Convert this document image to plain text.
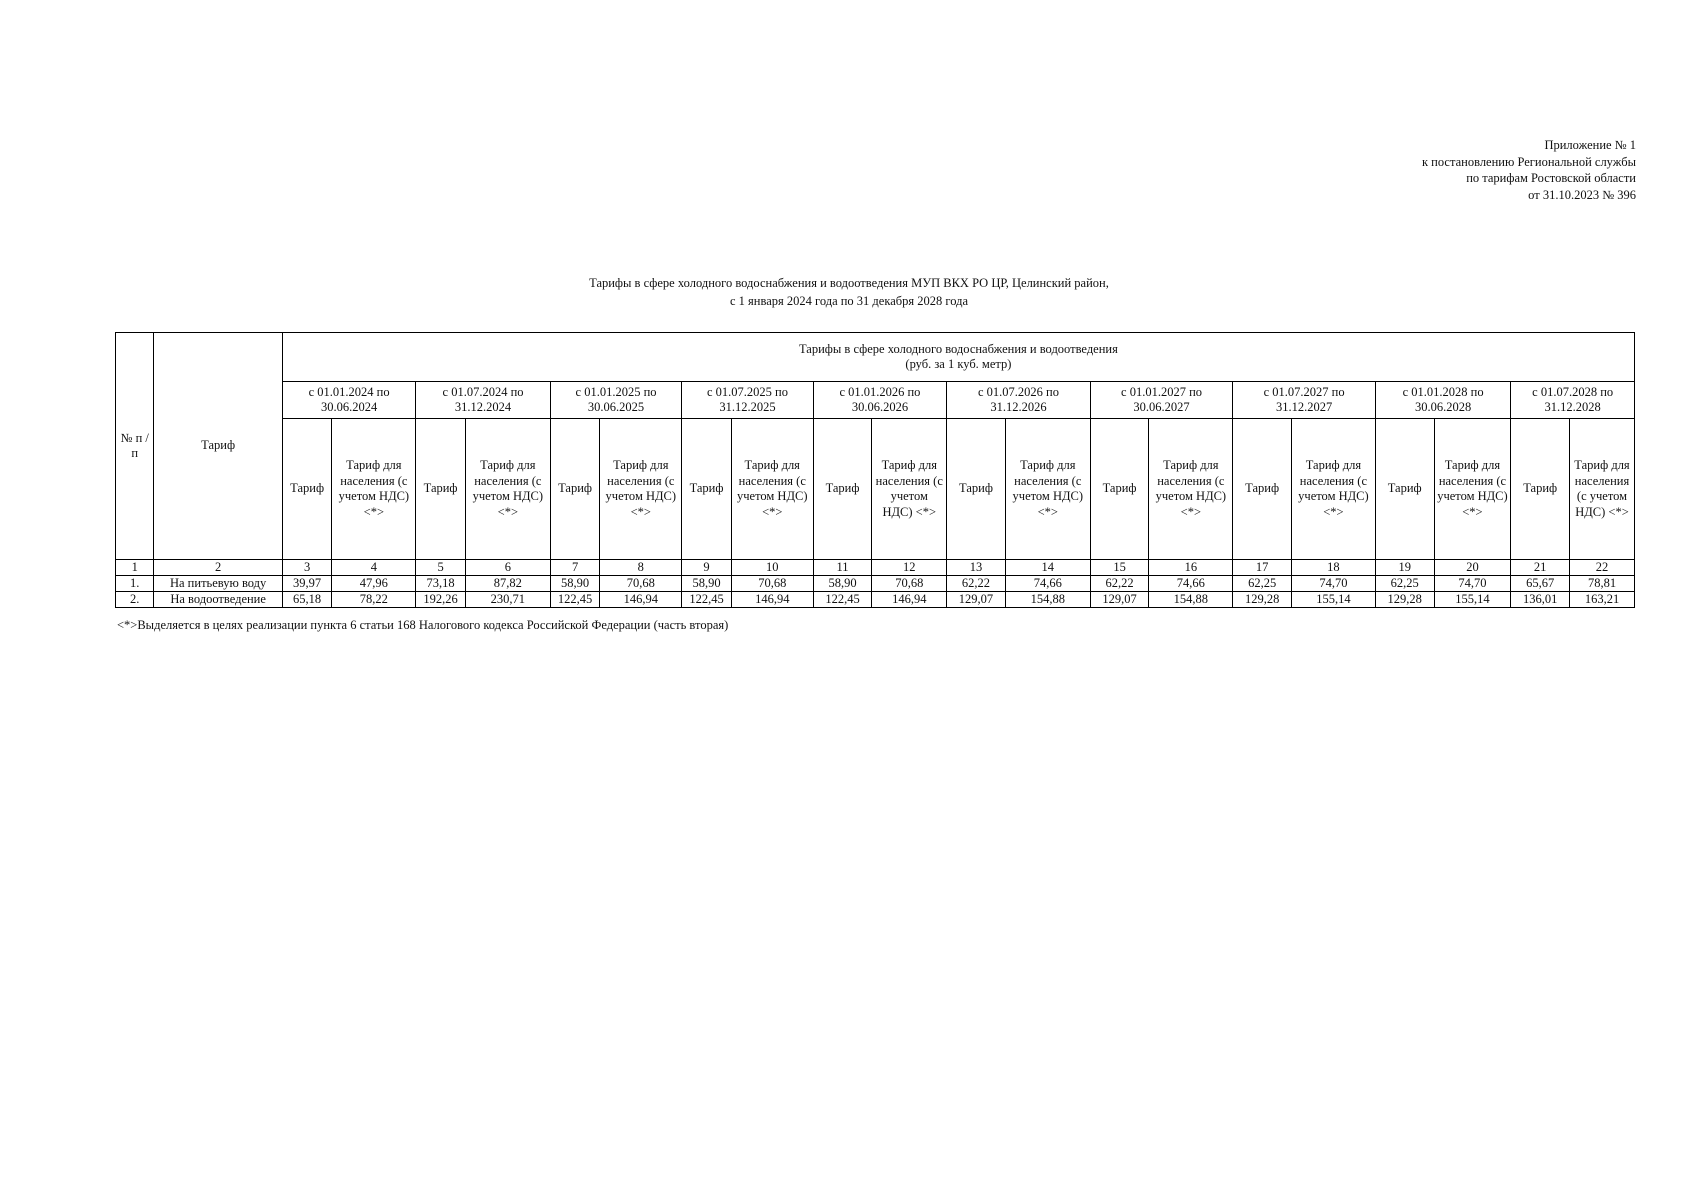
Приложение № 1
к постановлению Региональной службы
по тарифам Ростовской области
от 31.10.2023 № 396
Тарифы в сфере холодного водоснабжения и водоотведения МУП ВКХ РО ЦР, Целинский район,
с 1 января 2024 года по 31 декабря 2028 года
№ п /п	Тариф	Тарифы в сфере холодного водоснабжения и водоотведения
(руб. за 1 куб. метр)																			

		с 01.01.2024 по 30.06.2024		с 01.07.2024 по 31.12.2024		с 01.01.2025 по 30.06.2025		с 01.07.2025 по 31.12.2025		с 01.01.2026 по 30.06.2026		с 01.07.2026 по 31.12.2026		с 01.01.2027 по 30.06.2027		с 01.07.2027 по 31.12.2027		с 01.01.2028 по 30.06.2028		с 01.07.2028 по 31.12.2028	
		Тариф	Тариф для населения (с учетом НДС) <*>	Тариф	Тариф для населения (с учетом НДС) <*>	Тариф	Тариф для населения (с учетом НДС) <*>	Тариф	Тариф для населения (с учетом НДС) <*>	Тариф	Тариф для населения (с учетом НДС) <*>	Тариф	Тариф для населения (с учетом НДС) <*>	Тариф	Тариф для населения (с учетом НДС) <*>	Тариф	Тариф для населения (с учетом НДС) <*>	Тариф	Тариф для населения (с учетом НДС) <*>	Тариф	Тариф для населения (с учетом НДС) <*>
1	2	3	4	5	6	7	8	9	10	11	12	13	14	15	16	17	18	19	20	21	22
1.	На питьевую воду	39,97	47,96	73,18	87,82	58,90	70,68	58,90	70,68	58,90	70,68	62,22	74,66	62,22	74,66	62,25	74,70	62,25	74,70	65,67	78,81
2.	На водоотведение	65,18	78,22	192,26	230,71	122,45	146,94	122,45	146,94	122,45	146,94	129,07	154,88	129,07	154,88	129,28	155,14	129,28	155,14	136,01	163,21
<*>Выделяется в целях реализации пункта 6 статьи 168 Налогового кодекса Российской Федерации (часть вторая)
